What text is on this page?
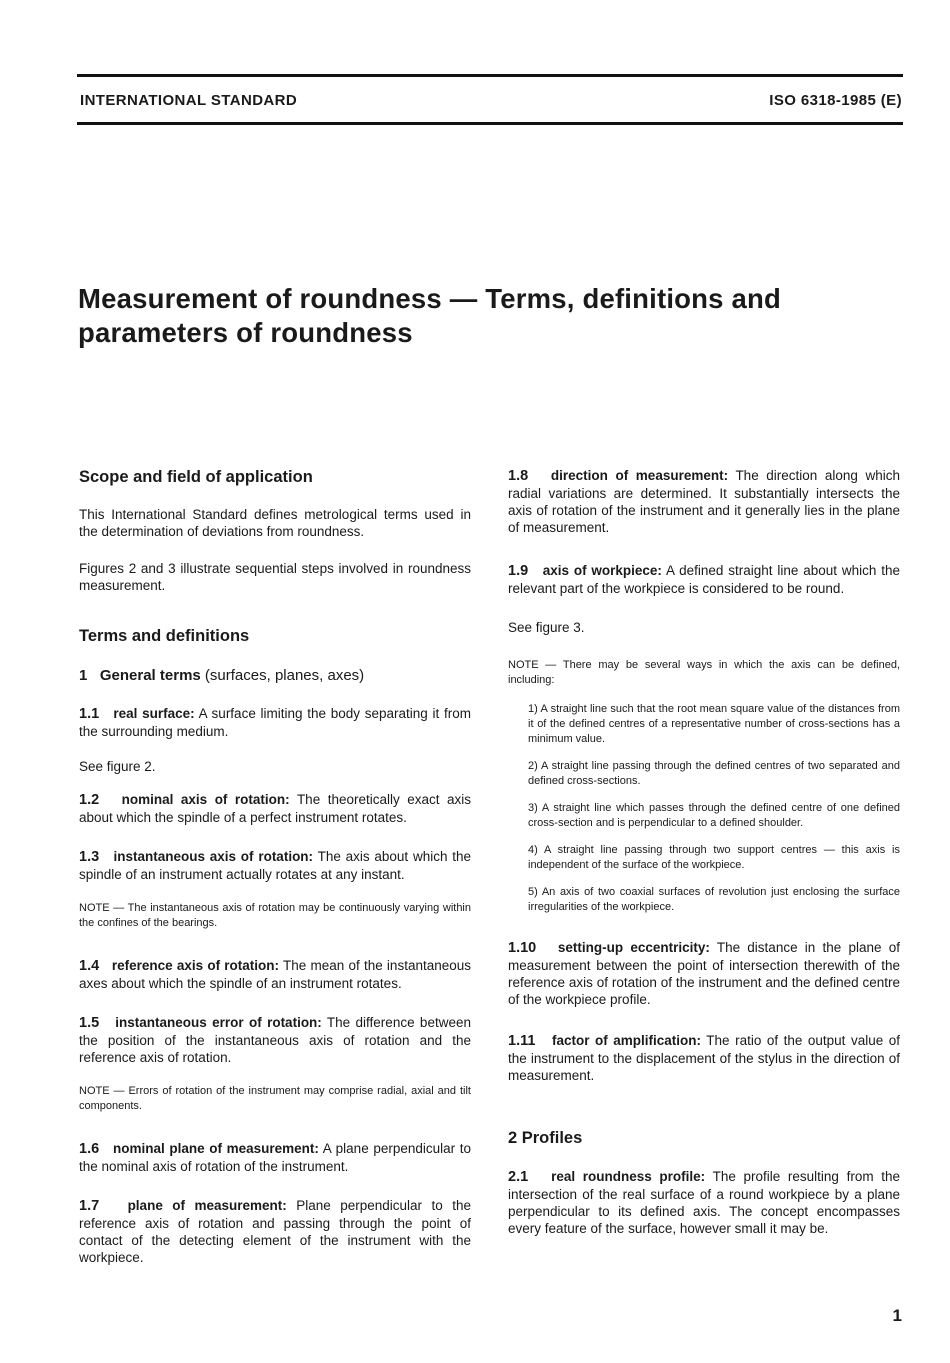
INTERNATIONAL STANDARD	ISO 6318-1985 (E)
Measurement of roundness — Terms, definitions and
parameters of roundness
Scope and field of application

This International Standard defines metrological terms used in the determination of deviations from roundness.

Figures 2 and 3 illustrate sequential steps involved in roundness measurement.

Terms and definitions
1 General terms (surfaces, planes, axes)

1.1 real surface: A surface limiting the body separating it from the surrounding medium.

See figure 2.

1.2 nominal axis of rotation: The theoretically exact axis about which the spindle of a perfect instrument rotates.

1.3 instantaneous axis of rotation: The axis about which the spindle of an instrument actually rotates at any instant.

NOTE — The instantaneous axis of rotation may be continuously varying within the confines of the bearings.

1.4 reference axis of rotation: The mean of the instantaneous axes about which the spindle of an instrument rotates.

1.5 instantaneous error of rotation: The difference between the position of the instantaneous axis of rotation and the reference axis of rotation.

NOTE — Errors of rotation of the instrument may comprise radial, axial and tilt components.

1.6 nominal plane of measurement: A plane perpendicular to the nominal axis of rotation of the instrument.

1.7 plane of measurement: Plane perpendicular to the reference axis of rotation and passing through the point of contact of the detecting element of the instrument with the workpiece.

1.8 direction of measurement: The direction along which radial variations are determined. It substantially intersects the axis of rotation of the instrument and it generally lies in the plane of measurement.

1.9 axis of workpiece: A defined straight line about which the relevant part of the workpiece is considered to be round.

See figure 3.

NOTE — There may be several ways in which the axis can be defined, including:

1) A straight line such that the root mean square value of the distances from it of the defined centres of a representative number of cross-sections has a minimum value.

2) A straight line passing through the defined centres of two separated and defined cross-sections.

3) A straight line which passes through the defined centre of one defined cross-section and is perpendicular to a defined shoulder.

4) A straight line passing through two support centres — this axis is independent of the surface of the workpiece.

5) An axis of two coaxial surfaces of revolution just enclosing the surface irregularities of the workpiece.

1.10 setting-up eccentricity: The distance in the plane of measurement between the point of intersection therewith of the reference axis of rotation of the instrument and the defined centre of the workpiece profile.

1.11 factor of amplification: The ratio of the output value of the instrument to the displacement of the stylus in the direction of measurement.

2 Profiles

2.1 real roundness profile: The profile resulting from the intersection of the real surface of a round workpiece by a plane perpendicular to its defined axis. The concept encompasses every feature of the surface, however small it may be.

1
